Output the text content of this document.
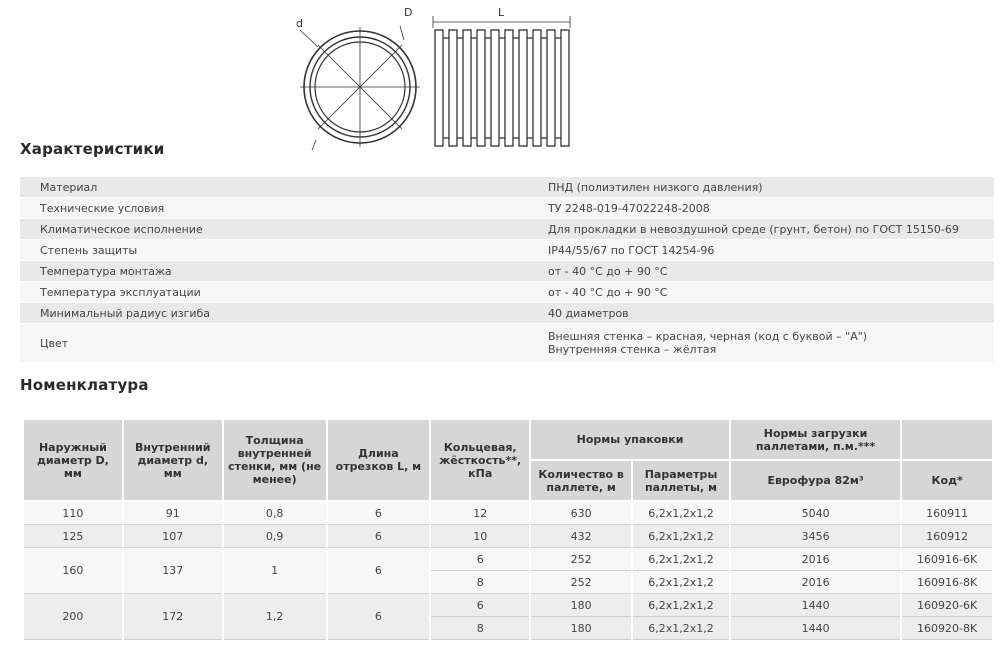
d
D	L
Характеристики
Материал	ПНД (полиэтилен низкого давления)
Технические условия	ТУ 2248-019-47022248-2008
Климатическое исполнение	Для прокладки в невоздушной среде (грунт, бетон) по ГОСТ 15150-69
Степень защиты	IP44/55/67 по ГОСТ 14254-96
Температура монтажа	от - 40 °С до + 90 °С
Температура эксплуатации	от - 40 °С до + 90 °С
Минимальный радиус изгиба	40 диаметров
Цвет	Внешняя стенка – красная, черная (код с буквой – "А")
Внутренняя стенка – жёлтая
Номенклатура
Наружный диаметр D, мм	Внутренний диаметр d, мм	Толщина внутренней стенки, мм (не менее)	Длина отрезков L, м	Кольцевая, жёсткость**, кПа	Нормы упаковки		Нормы загрузки паллетами, п.м.***	
					Количество в паллете, м	Параметры паллеты, м	Еврофура 82м³	Код*
110	91	0,8	6	12	630	6,2x1,2x1,2	5040	160911
125	107	0,9	6	10	432	6,2x1,2x1,2	3456	160912
160	137	1	6	6	252	6,2x1,2x1,2	2016	160916-6K
				8	252	6,2x1,2x1,2	2016	160916-8K
200	172	1,2	6	6	180	6,2x1,2x1,2	1440	160920-6K
				8	180	6,2x1,2x1,2	1440	160920-8K
